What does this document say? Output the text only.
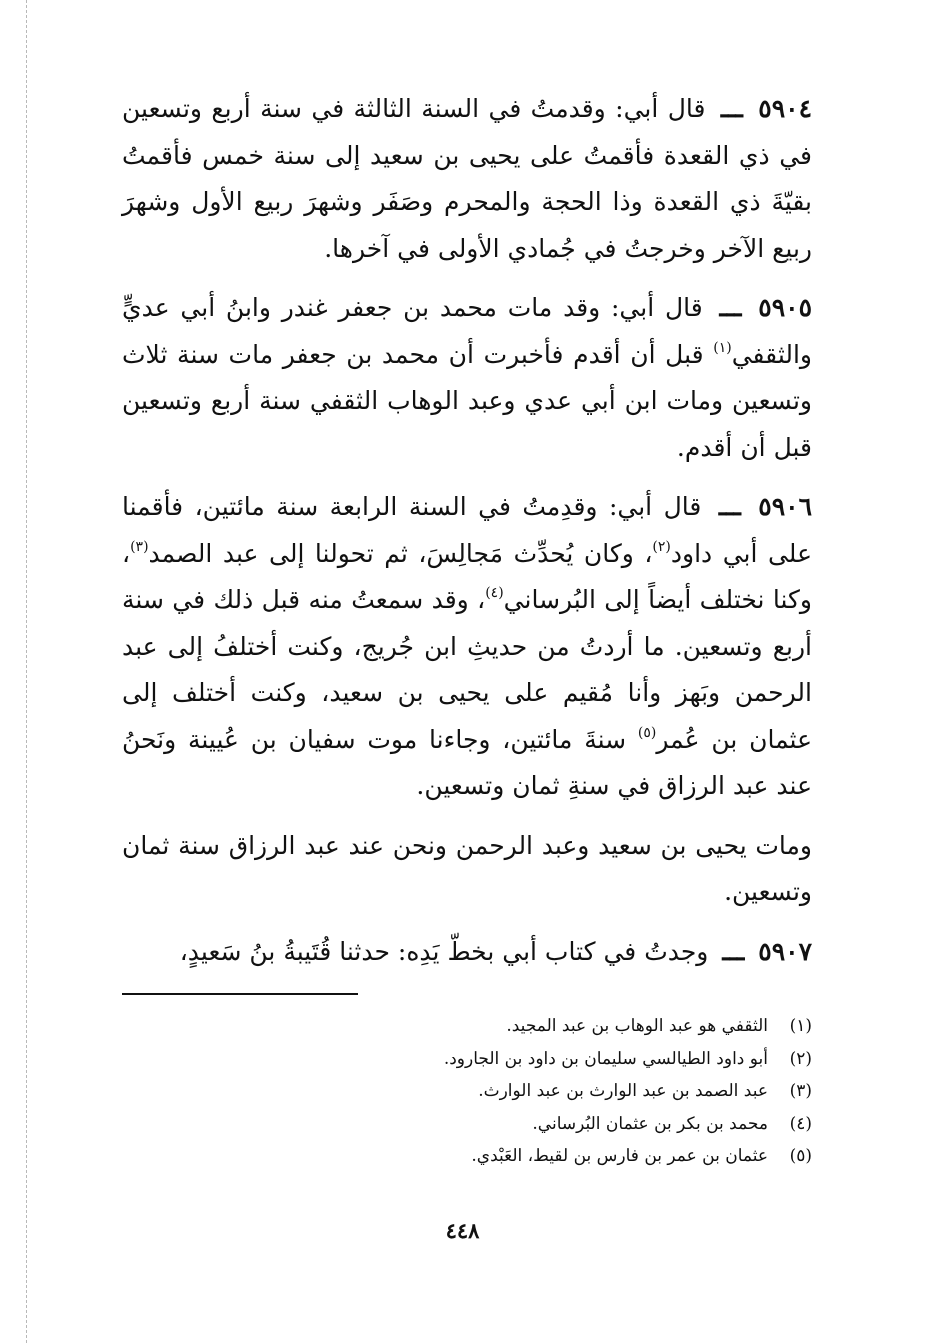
٥٩٠٤ ـــ قال أبي: وقدمتُ في السنة الثالثة في سنة أربع وتسعين في ذي القعدة فأقمتُ على يحيى بن سعيد إلى سنة خمس فأقمتُ بقيّةَ ذي القعدة وذا الحجة والمحرم وصَفَر وشهرَ ربيع الأول وشهرَ ربيع الآخر وخرجتُ في جُمادي الأولى في آخرها.

٥٩٠٥ ـــ قال أبي: وقد مات محمد بن جعفر غندر وابنُ أبي عديٍّ والثقفي$^{(١)}$ قبل أن أقدم فأخبرت أن محمد بن جعفر مات سنة ثلاث وتسعين ومات ابن أبي عدي وعبد الوهاب الثقفي سنة أربع وتسعين قبل أن أقدم.

٥٩٠٦ ـــ قال أبي: وقدِمتُ في السنة الرابعة سنة مائتين، فأقمنا على أبي داود$^{(٢)}$، وكان يُحدِّث مَجالِسَ، ثم تحولنا إلى عبد الصمد$^{(٣)}$، وكنا نختلف أيضاً إلى البُرساني$^{(٤)}$، وقد سمعتُ منه قبل ذلك في سنة أربع وتسعين. ما أردتُ من حديثِ ابن جُريج، وكنت أختلفُ إلى عبد الرحمن وبَهز وأنا مُقيم على يحيى بن سعيد، وكنت أختلف إلى عثمان بن عُمر$^{(٥)}$ سنةَ مائتين، وجاءنا موت سفيان بن عُيينة ونَحنُ عند عبد الرزاق في سنةِ ثمان وتسعين.

ومات يحيى بن سعيد وعبد الرحمن ونحن عند عبد الرزاق سنة ثمان وتسعين.

٥٩٠٧ ـــ وجدتُ في كتاب أبي بخطّ يَدِه: حدثنا قُتَيبةُ بنُ سَعيدٍ،

(١)الثقفي هو عبد الوهاب بن عبد المجيد.
(٢)أبو داود الطيالسي سليمان بن داود بن الجارود.
(٣)عبد الصمد بن عبد الوارث بن عبد الوارث.
(٤)محمد بن بكر بن عثمان البُرساني.
(٥)عثمان بن عمر بن فارس بن لقيط، العَبْدي.
٤٤٨
